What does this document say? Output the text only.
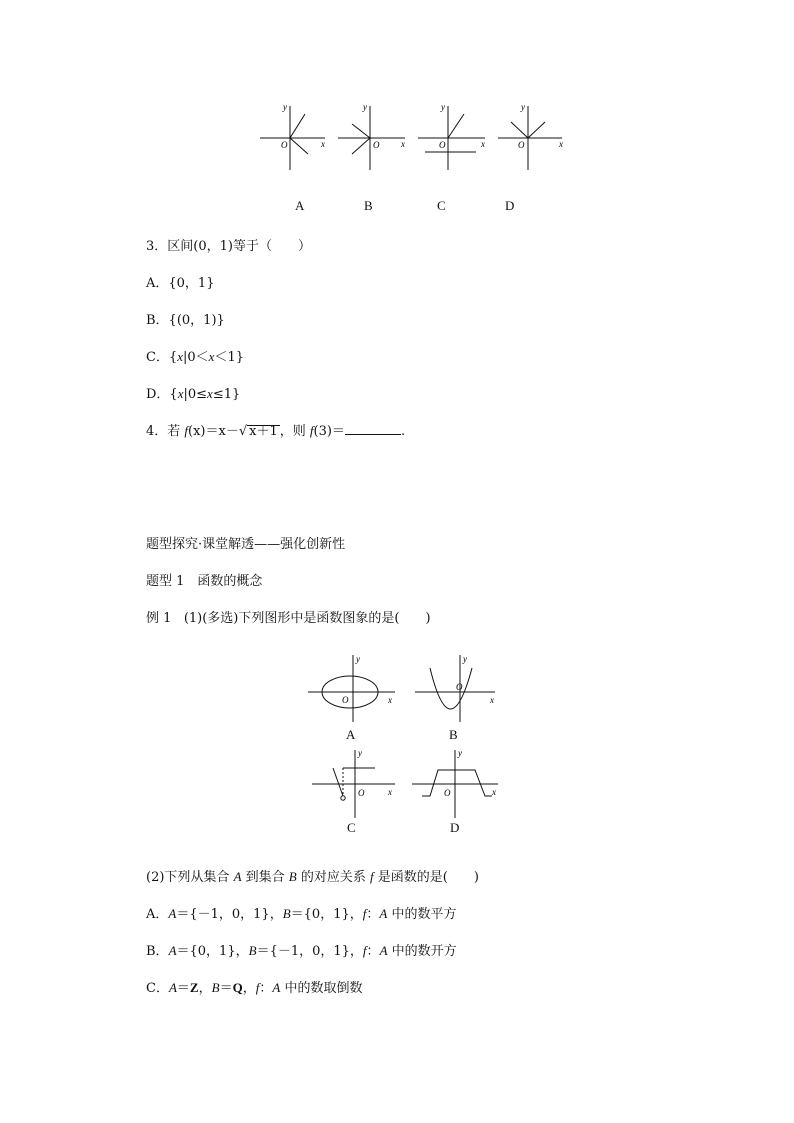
y
x
O
y
x
O
y
x
O
y
x
O
A	B	C	D
3．区间(0，1)等于（　　）
A．{0，1}
B．{(0，1)}
C．{x|0＜x＜1}
D．{x|0≤x≤1}
4．若 f(x)＝x－√ x＋1 ，则 f(3)＝	.
题型探究·课堂解透——强化创新性
题型 1　函数的概念
例 1 (1)(多选)下列图形中是函数图象的是(　　)
y
x
O
y
x
O
y
x
O
y
x
O
A	B
C	D
(2)下列从集合 A 到集合 B 的对应关系 f 是函数的是(　　)
A．A＝{－1，0，1}，B＝{0，1}，f：A 中的数平方
B．A＝{0，1}，B＝{－1，0，1}，f：A 中的数开方
C．A＝Z，B＝Q，f：A 中的数取倒数
